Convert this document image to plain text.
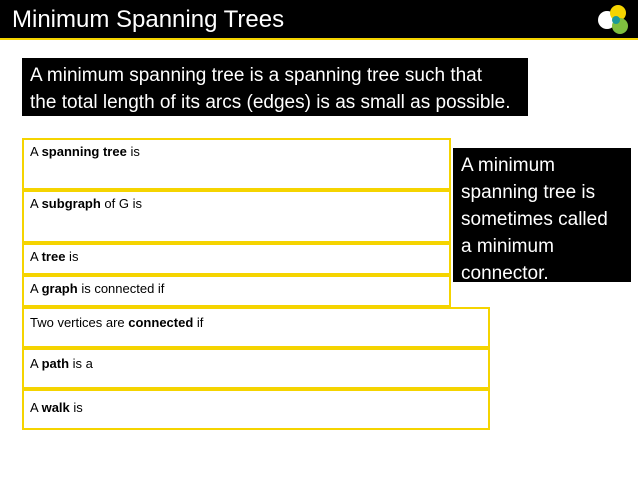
Minimum Spanning Trees
A minimum spanning tree is a spanning tree such that
the total length of its arcs (edges) is as small as possible.
A spanning tree is
A subgraph of G is
A tree is
A graph is connected if
Two vertices are connected if
A path is a
A walk is
A minimum
spanning tree is
sometimes called
a minimum
connector.
